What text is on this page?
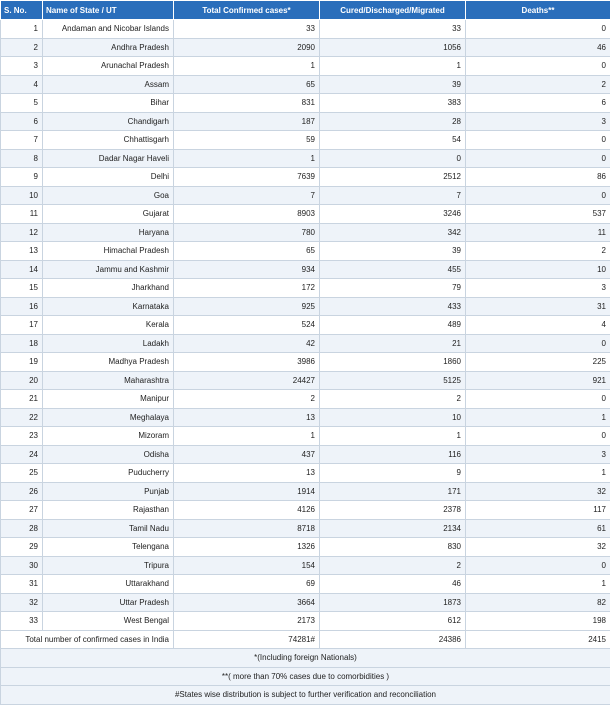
S. No.	Name of State / UT	Total Confirmed cases*	Cured/Discharged/Migrated	Deaths**
1	Andaman and Nicobar Islands	33	33	0
2	Andhra Pradesh	2090	1056	46
3	Arunachal Pradesh	1	1	0
4	Assam	65	39	2
5	Bihar	831	383	6
6	Chandigarh	187	28	3
7	Chhattisgarh	59	54	0
8	Dadar Nagar Haveli	1	0	0
9	Delhi	7639	2512	86
10	Goa	7	7	0
11	Gujarat	8903	3246	537
12	Haryana	780	342	11
13	Himachal Pradesh	65	39	2
14	Jammu and Kashmir	934	455	10
15	Jharkhand	172	79	3
16	Karnataka	925	433	31
17	Kerala	524	489	4
18	Ladakh	42	21	0
19	Madhya Pradesh	3986	1860	225
20	Maharashtra	24427	5125	921
21	Manipur	2	2	0
22	Meghalaya	13	10	1
23	Mizoram	1	1	0
24	Odisha	437	116	3
25	Puducherry	13	9	1
26	Punjab	1914	171	32
27	Rajasthan	4126	2378	117
28	Tamil Nadu	8718	2134	61
29	Telengana	1326	830	32
30	Tripura	154	2	0
31	Uttarakhand	69	46	1
32	Uttar Pradesh	3664	1873	82
33	West Bengal	2173	612	198
Total number of confirmed cases in India		74281#	24386	2415
*(Including foreign Nationals)				
**( more than 70% cases due to comorbidities )				
#States wise distribution is subject to further verification and reconciliation				
